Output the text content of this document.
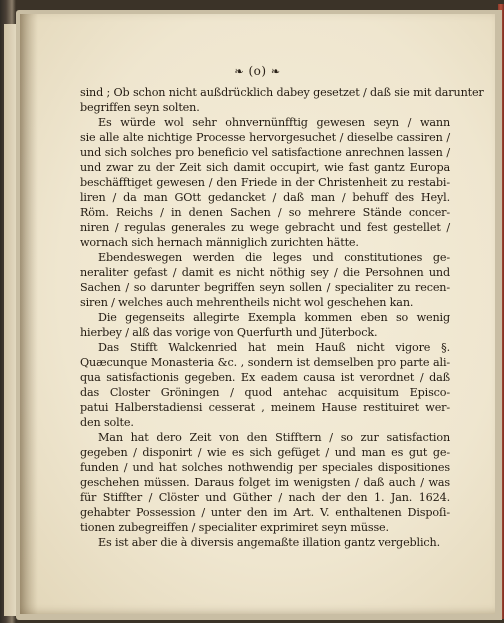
❧ (o) ❧
sind ; Ob schon nicht außdrücklich dabey gesetzet / daß sie mit darunter
begriffen seyn solten.
Es würde wol sehr ohnvernünfftig gewesen seyn / wann
sie alle alte nichtige Processe hervorgesuchet / dieselbe cassiren /
und sich solches pro beneficio vel satisfactione anrechnen lassen /
und zwar zu der Zeit sich damit occupirt, wie fast gantz Europa
beschäfftiget gewesen / den Friede in der Christenheit zu restabi-
liren / da man GOtt gedancket / daß man / behuff des Heyl.
Röm. Reichs / in denen Sachen / so mehrere Stände concer-
niren / regulas generales zu wege gebracht und fest gestellet /
wornach sich hernach männiglich zurichten hätte.
Ebendeswegen werden die leges und constitutiones ge-
neraliter gefast / damit es nicht nöthig sey / die Persohnen und
Sachen / so darunter begriffen seyn sollen / specialiter zu recen-
siren / welches auch mehrentheils nicht wol geschehen kan.
Die gegenseits allegirte Exempla kommen eben so wenig
hierbey / alß das vorige von Querfurth und Jüterbock.
Das Stifft Walckenried hat mein Hauß nicht vigore §.
Quæcunque Monasteria &c. , sondern ist demselben pro parte ali-
qua satisfactionis gegeben. Ex eadem causa ist verordnet / daß
das Closter Gröningen / quod antehac acquisitum Episco-
patui Halberstadiensi cesserat , meinem Hause restituiret wer-
den solte.
Man hat dero Zeit von den Stifftern / so zur satisfaction
gegeben / disponirt / wie es sich gefüget / und man es gut ge-
funden / und hat solches nothwendig per speciales dispositiones
geschehen müssen. Daraus folget im wenigsten / daß auch / was
für Stiffter / Clöster und Güther / nach der den 1. Jan. 1624.
gehabter Possession / unter den im Art. V. enthaltenen Dispoſi-
tionen zubegreiffen / specialiter exprimiret seyn müsse.
Es ist aber die à diversis angemaßte illation gantz vergeblich.
